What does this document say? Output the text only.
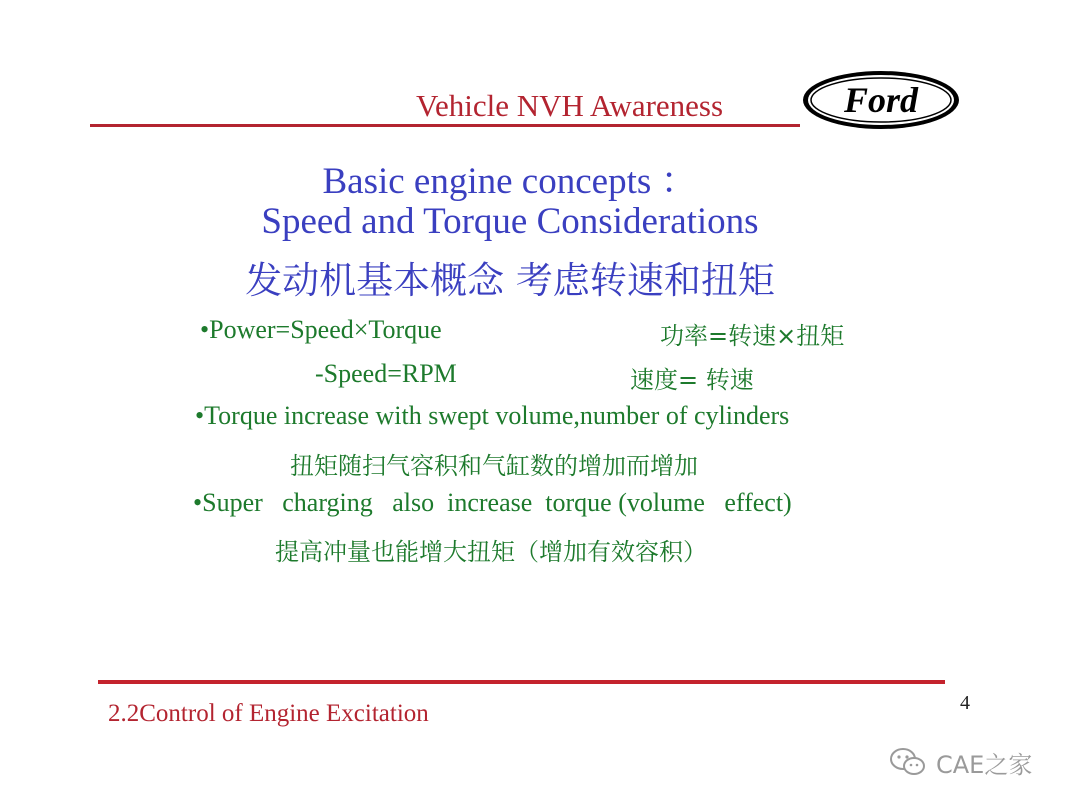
Vehicle NVH Awareness	Ford
Basic engine concepts ：
Speed and Torque Considerations
发动机基本概念 考虑转速和扭矩
•Power=Speed×Torque	功率=转速×扭矩
-Speed=RPM	速度= 转速
•Torque increase with swept volume,number of cylinders
扭矩随扫气容积和气缸数的增加而增加
•Super   charging   also  increase  torque (volume   effect)
提高冲量也能增大扭矩（增加有效容积）
2.2Control of Engine Excitation	4
CAE之家
